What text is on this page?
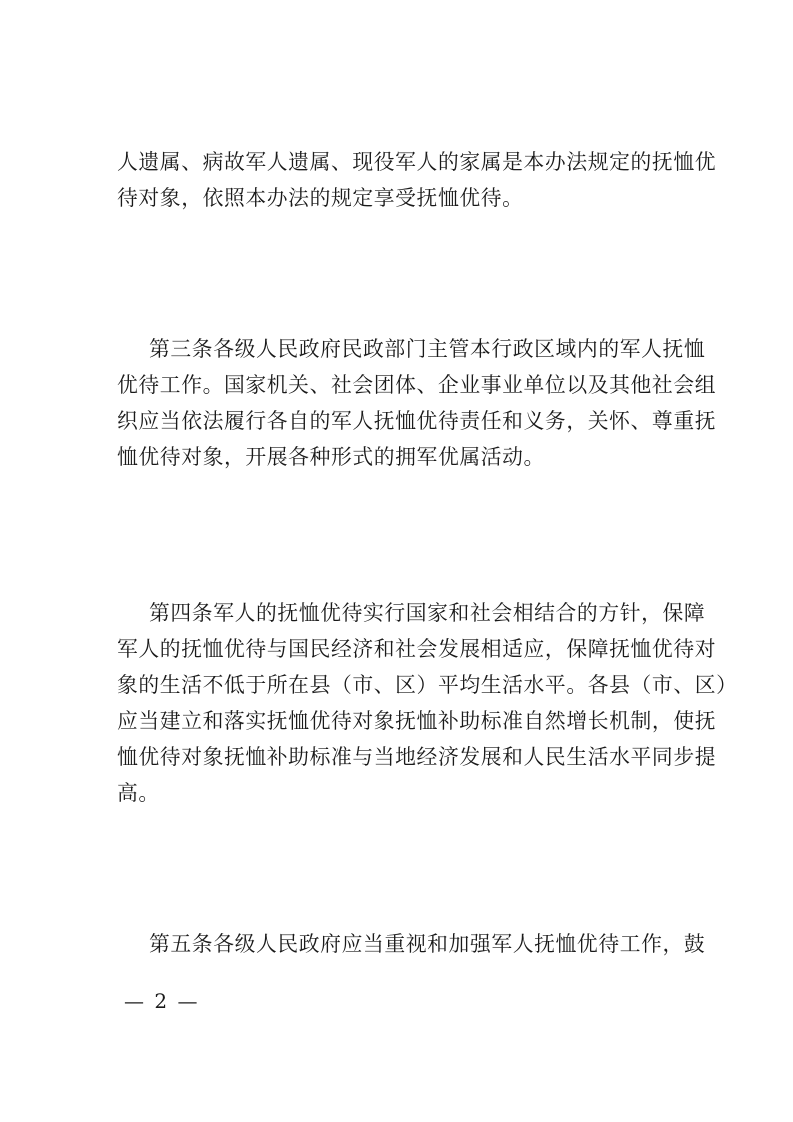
人遗属、病故军人遗属、现役军人的家属是本办法规定的抚恤优
待对象，依照本办法的规定享受抚恤优待。
第三条各级人民政府民政部门主管本行政区域内的军人抚恤
优待工作。国家机关、社会团体、企业事业单位以及其他社会组
织应当依法履行各自的军人抚恤优待责任和义务，关怀、尊重抚
恤优待对象，开展各种形式的拥军优属活动。
第四条军人的抚恤优待实行国家和社会相结合的方针，保障
军人的抚恤优待与国民经济和社会发展相适应，保障抚恤优待对
象的生活不低于所在县（市、区）平均生活水平。各县（市、区）
应当建立和落实抚恤优待对象抚恤补助标准自然增长机制，使抚
恤优待对象抚恤补助标准与当地经济发展和人民生活水平同步提
高。
第五条各级人民政府应当重视和加强军人抚恤优待工作，鼓
— 2 —
